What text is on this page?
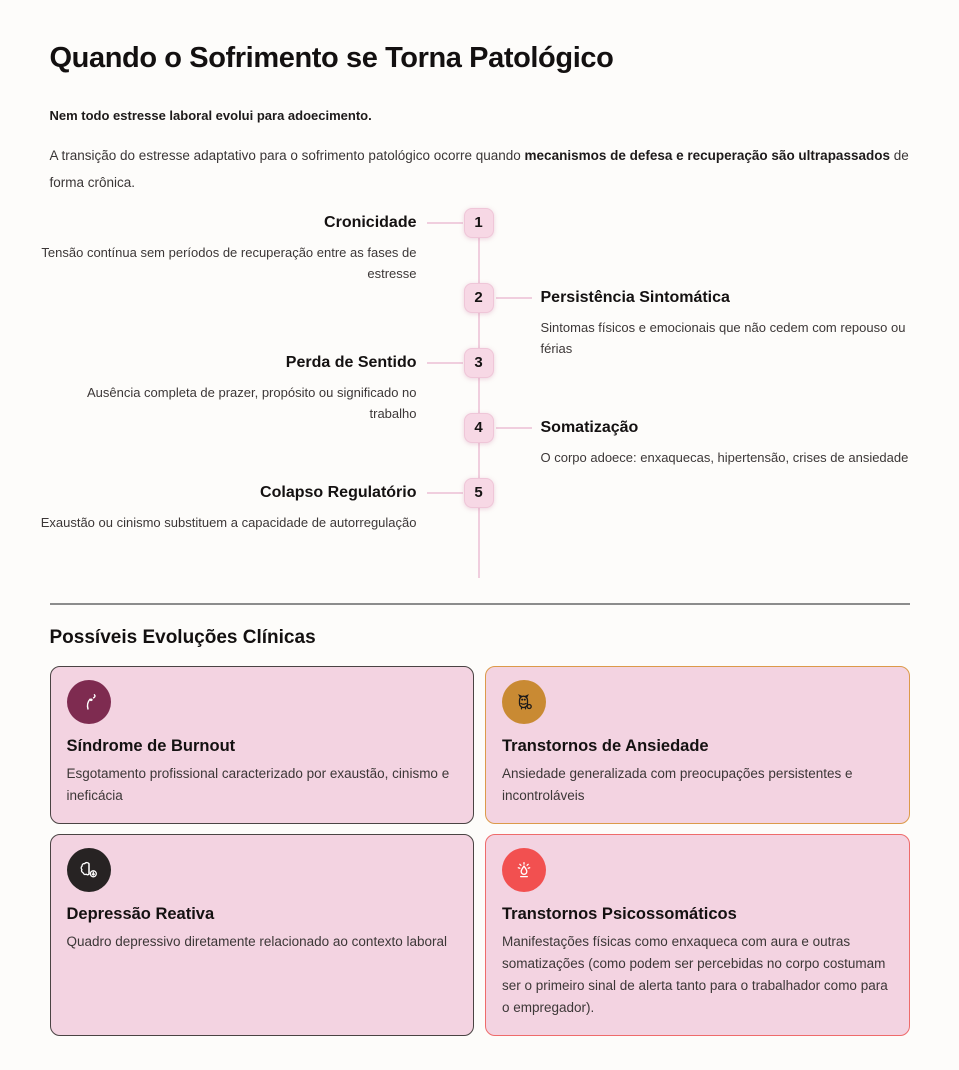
Quando o Sofrimento se Torna Patológico

Nem todo estresse laboral evolui para adoecimento.

A transição do estresse adaptativo para o sofrimento patológico ocorre quando mecanismos de defesa e recuperação são ultrapassados de forma crônica.

1
Cronicidade

Tensão contínua sem períodos de recuperação entre as fases de estresse

2	Persistência Sintomática

Sintomas físicos e emocionais que não cedem com repouso ou férias

3
Perda de Sentido

Ausência completa de prazer, propósito ou significado no trabalho

4	Somatização

O corpo adoece: enxaquecas, hipertensão, crises de ansiedade

5
Colapso Regulatório

Exaustão ou cinismo substituem a capacidade de autorregulação

Possíveis Evoluções Clínicas
Síndrome de Burnout

Esgotamento profissional caracterizado por exaustão, cinismo e ineficácia

Transtornos de Ansiedade

Ansiedade generalizada com preocupações persistentes e incontroláveis

Depressão Reativa

Quadro depressivo diretamente relacionado ao contexto laboral

Transtornos Psicossomáticos

Manifestações físicas como enxaqueca com aura e outras somatizações (como podem ser percebidas no corpo costumam ser o primeiro sinal de alerta tanto para o trabalhador como para o empregador).
